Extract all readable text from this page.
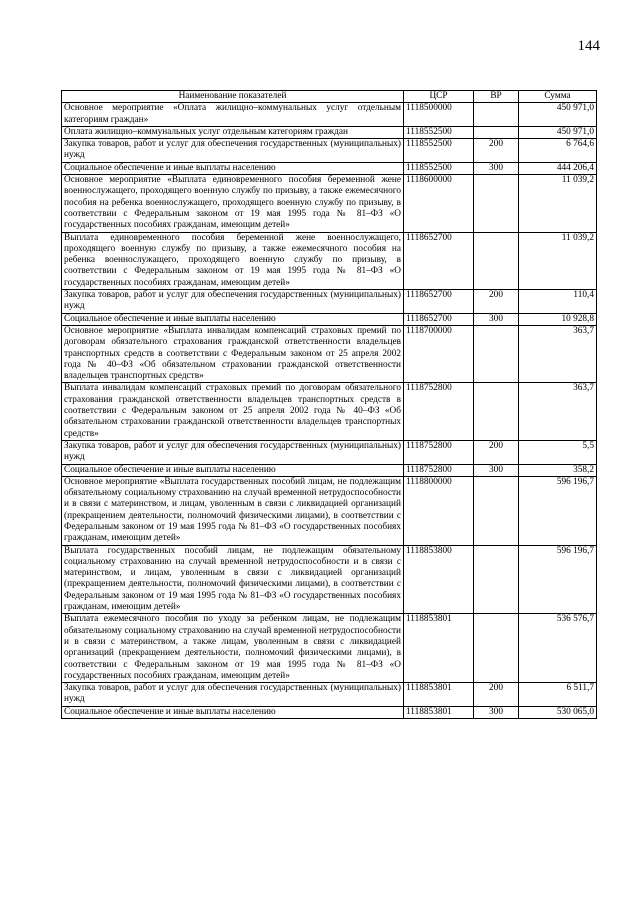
144
Наименование показателей	ЦСР	ВР	Сумма
Основное мероприятие «Оплата жилищно–коммунальных услуг отдельным категориям граждан»	1118500000		450 971,0
Оплата жилищно–коммунальных услуг отдельным категориям граждан	1118552500		450 971,0
Закупка товаров, работ и услуг для обеспечения государственных (муниципальных) нужд	1118552500	200	6 764,6
Социальное обеспечение и иные выплаты населению	1118552500	300	444 206,4
Основное мероприятие «Выплата единовременного пособия беременной жене военнослужащего, проходящего военную службу по призыву, а также ежемесячного пособия на ребенка военнослужащего, проходящего военную службу по призыву, в соответствии с Федеральным законом от 19 мая 1995 года № 81–ФЗ «О государственных пособиях гражданам, имеющим детей»	1118600000		11 039,2
Выплата единовременного пособия беременной жене военнослужащего, проходящего военную службу по призыву, а также ежемесячного пособия на ребенка военнослужащего, проходящего военную службу по призыву, в соответствии с Федеральным законом от 19 мая 1995 года № 81–ФЗ «О государственных пособиях гражданам, имеющим детей»	1118652700		11 039,2
Закупка товаров, работ и услуг для обеспечения государственных (муниципальных) нужд	1118652700	200	110,4
Социальное обеспечение и иные выплаты населению	1118652700	300	10 928,8
Основное мероприятие «Выплата инвалидам компенсаций страховых премий по договорам обязательного страхования гражданской ответственности владельцев транспортных средств в соответствии с Федеральным законом от 25 апреля 2002 года № 40–ФЗ «Об обязательном страховании гражданской ответственности владельцев транспортных средств»	1118700000		363,7
Выплата инвалидам компенсаций страховых премий по договорам обязательного страхования гражданской ответственности владельцев транспортных средств в соответствии с Федеральным законом от 25 апреля 2002 года № 40–ФЗ «Об обязательном страховании гражданской ответственности владельцев транспортных средств»	1118752800		363,7
Закупка товаров, работ и услуг для обеспечения государственных (муниципальных) нужд	1118752800	200	5,5
Социальное обеспечение и иные выплаты населению	1118752800	300	358,2
Основное мероприятие «Выплата государственных пособий лицам, не подлежащим обязательному социальному страхованию на случай временной нетрудоспособности и в связи с материнством, и лицам, уволенным в связи с ликвидацией организаций (прекращением деятельности, полномочий физическими лицами), в соответствии с Федеральным законом от 19 мая 1995 года № 81–ФЗ «О государственных пособиях гражданам, имеющим детей»	1118800000		596 196,7
Выплата государственных пособий лицам, не подлежащим обязательному социальному страхованию на случай временной нетрудоспособности и в связи с материнством, и лицам, уволенным в связи с ликвидацией организаций (прекращением деятельности, полномочий физическими лицами), в соответствии с Федеральным законом от 19 мая 1995 года № 81–ФЗ «О государственных пособиях гражданам, имеющим детей»	1118853800		596 196,7
Выплата ежемесячного пособия по уходу за ребенком лицам, не подлежащим обязательному социальному страхованию на случай временной нетрудоспособности и в связи с материнством, а также лицам, уволенным в связи с ликвидацией организаций (прекращением деятельности, полномочий физическими лицами), в соответствии с Федеральным законом от 19 мая 1995 года № 81–ФЗ «О государственных пособиях гражданам, имеющим детей»	1118853801		536 576,7
Закупка товаров, работ и услуг для обеспечения государственных (муниципальных) нужд	1118853801	200	6 511,7
Социальное обеспечение и иные выплаты населению	1118853801	300	530 065,0
